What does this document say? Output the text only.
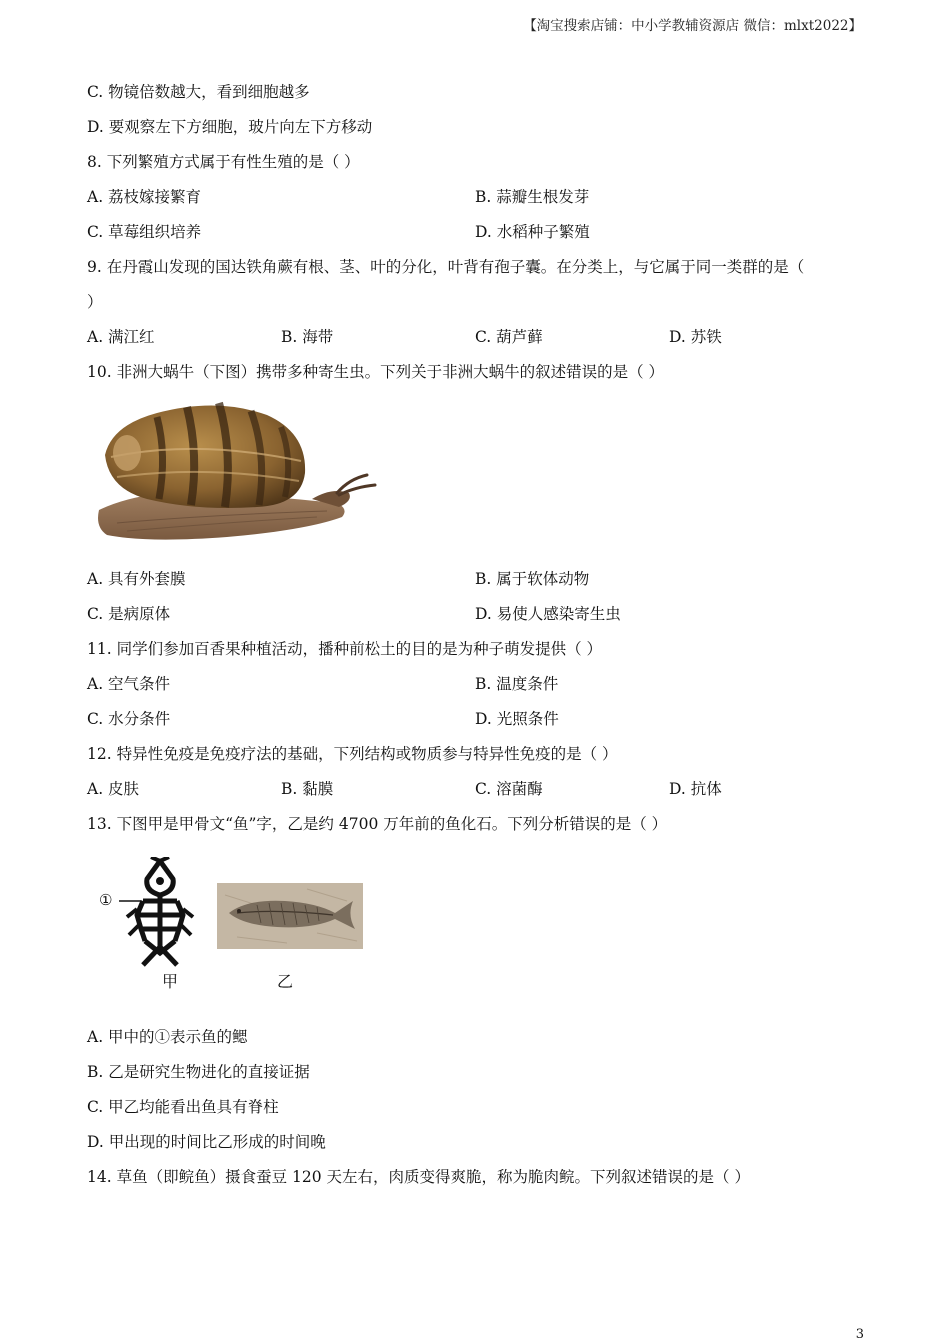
【淘宝搜索店铺：中小学教辅资源店 微信：mlxt2022】
C. 物镜倍数越大，看到细胞越多
D. 要观察左下方细胞，玻片向左下方移动
8. 下列繁殖方式属于有性生殖的是（ ）
A. 荔枝嫁接繁育	B. 蒜瓣生根发芽
C. 草莓组织培养	D. 水稻种子繁殖
9. 在丹霞山发现的国达铁角蕨有根、茎、叶的分化，叶背有孢子囊。在分类上，与它属于同一类群的是（
）
A. 满江红	B. 海带	C. 葫芦藓	D. 苏铁
10. 非洲大蜗牛（下图）携带多种寄生虫。下列关于非洲大蜗牛的叙述错误的是（ ）
A. 具有外套膜	B. 属于软体动物
C. 是病原体	D. 易使人感染寄生虫
11. 同学们参加百香果种植活动，播种前松土的目的是为种子萌发提供（ ）
A. 空气条件	B. 温度条件
C. 水分条件	D. 光照条件
12. 特异性免疫是免疫疗法的基础，下列结构或物质参与特异性免疫的是（ ）
A. 皮肤	B. 黏膜	C. 溶菌酶	D. 抗体
13. 下图甲是甲骨文“鱼”字，乙是约 4700 万年前的鱼化石。下列分析错误的是（ ）
①
甲	乙
A. 甲中的①表示鱼的鳃
B. 乙是研究生物进化的直接证据
C. 甲乙均能看出鱼具有脊柱
D. 甲出现的时间比乙形成的时间晚
14. 草鱼（即鲩鱼）摄食蚕豆 120 天左右，肉质变得爽脆，称为脆肉鲩。下列叙述错误的是（ ）
3
